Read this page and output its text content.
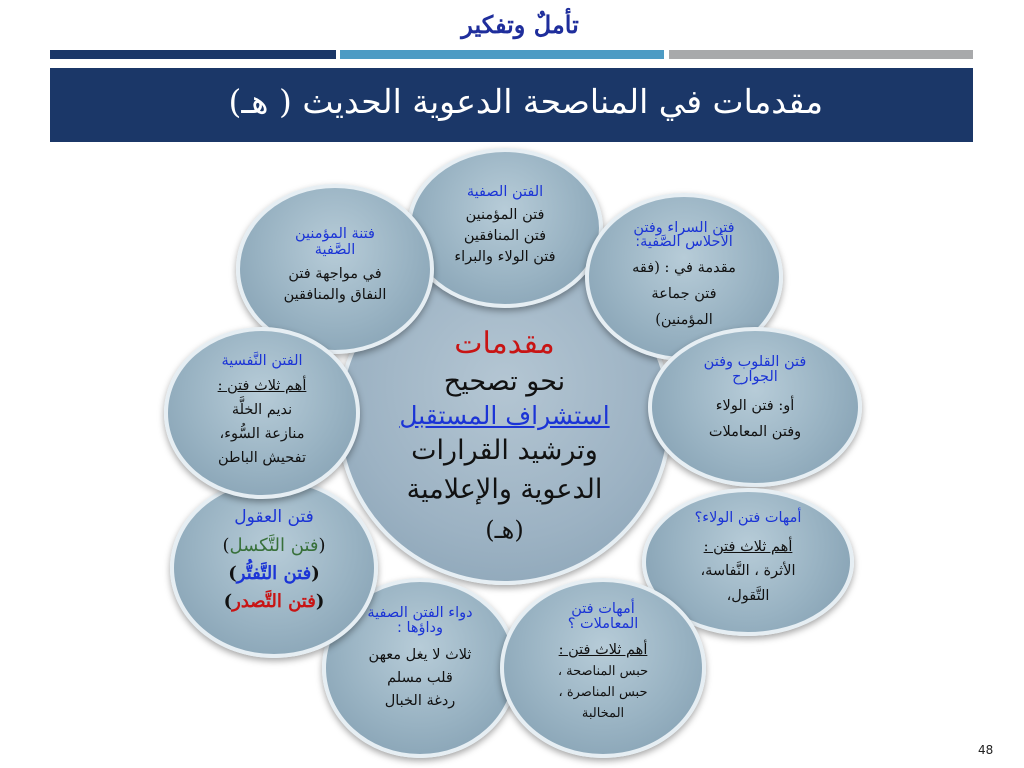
تأملٌ وتفكير
مقدمات في المناصحة الدعوية الحديث ( هـ)
مقدمات
نحو تصحيح
استشراف المستقبل
وترشيد القرارات
الدعوية والإعلامية
(هـ)
الفتن الصفية
فتن المؤمنين
فتن المنافقين
فتن الولاء والبراء
فتن السراء وفتن الأحلاس الصَّفية:
مقدمة في : (فقه
فتن جماعة
المؤمنين)
فتن القلوب وفتن الجوارح
أو: فتن الولاء
وفتن المعاملات
أمهات فتن الولاء؟
أهم ثلاث فتن :
الأثرة ، النَّفاسة،
التَّقول،
أمهات فتن المعاملات ؟
أهم ثلاث فتن :
حبس المناصحة ،
حبس المناصرة ،
المخالبة
دواء الفتن الصفية وداؤها :
ثلاث لا يغل معهن
قلب مسلم
ردغة الخبال
فتن العقول
(فتن التَّكسل)
(فتن التَّفتُّر)
(فتن التَّصدر)
الفتن النَّفسية
أهم ثلاث فتن :
نديم الخلَّة
منازعة السُّوء،
تفحيش الباطن
فتنة المؤمنين الصَّفية
في مواجهة فتن
النفاق والمنافقين
48
